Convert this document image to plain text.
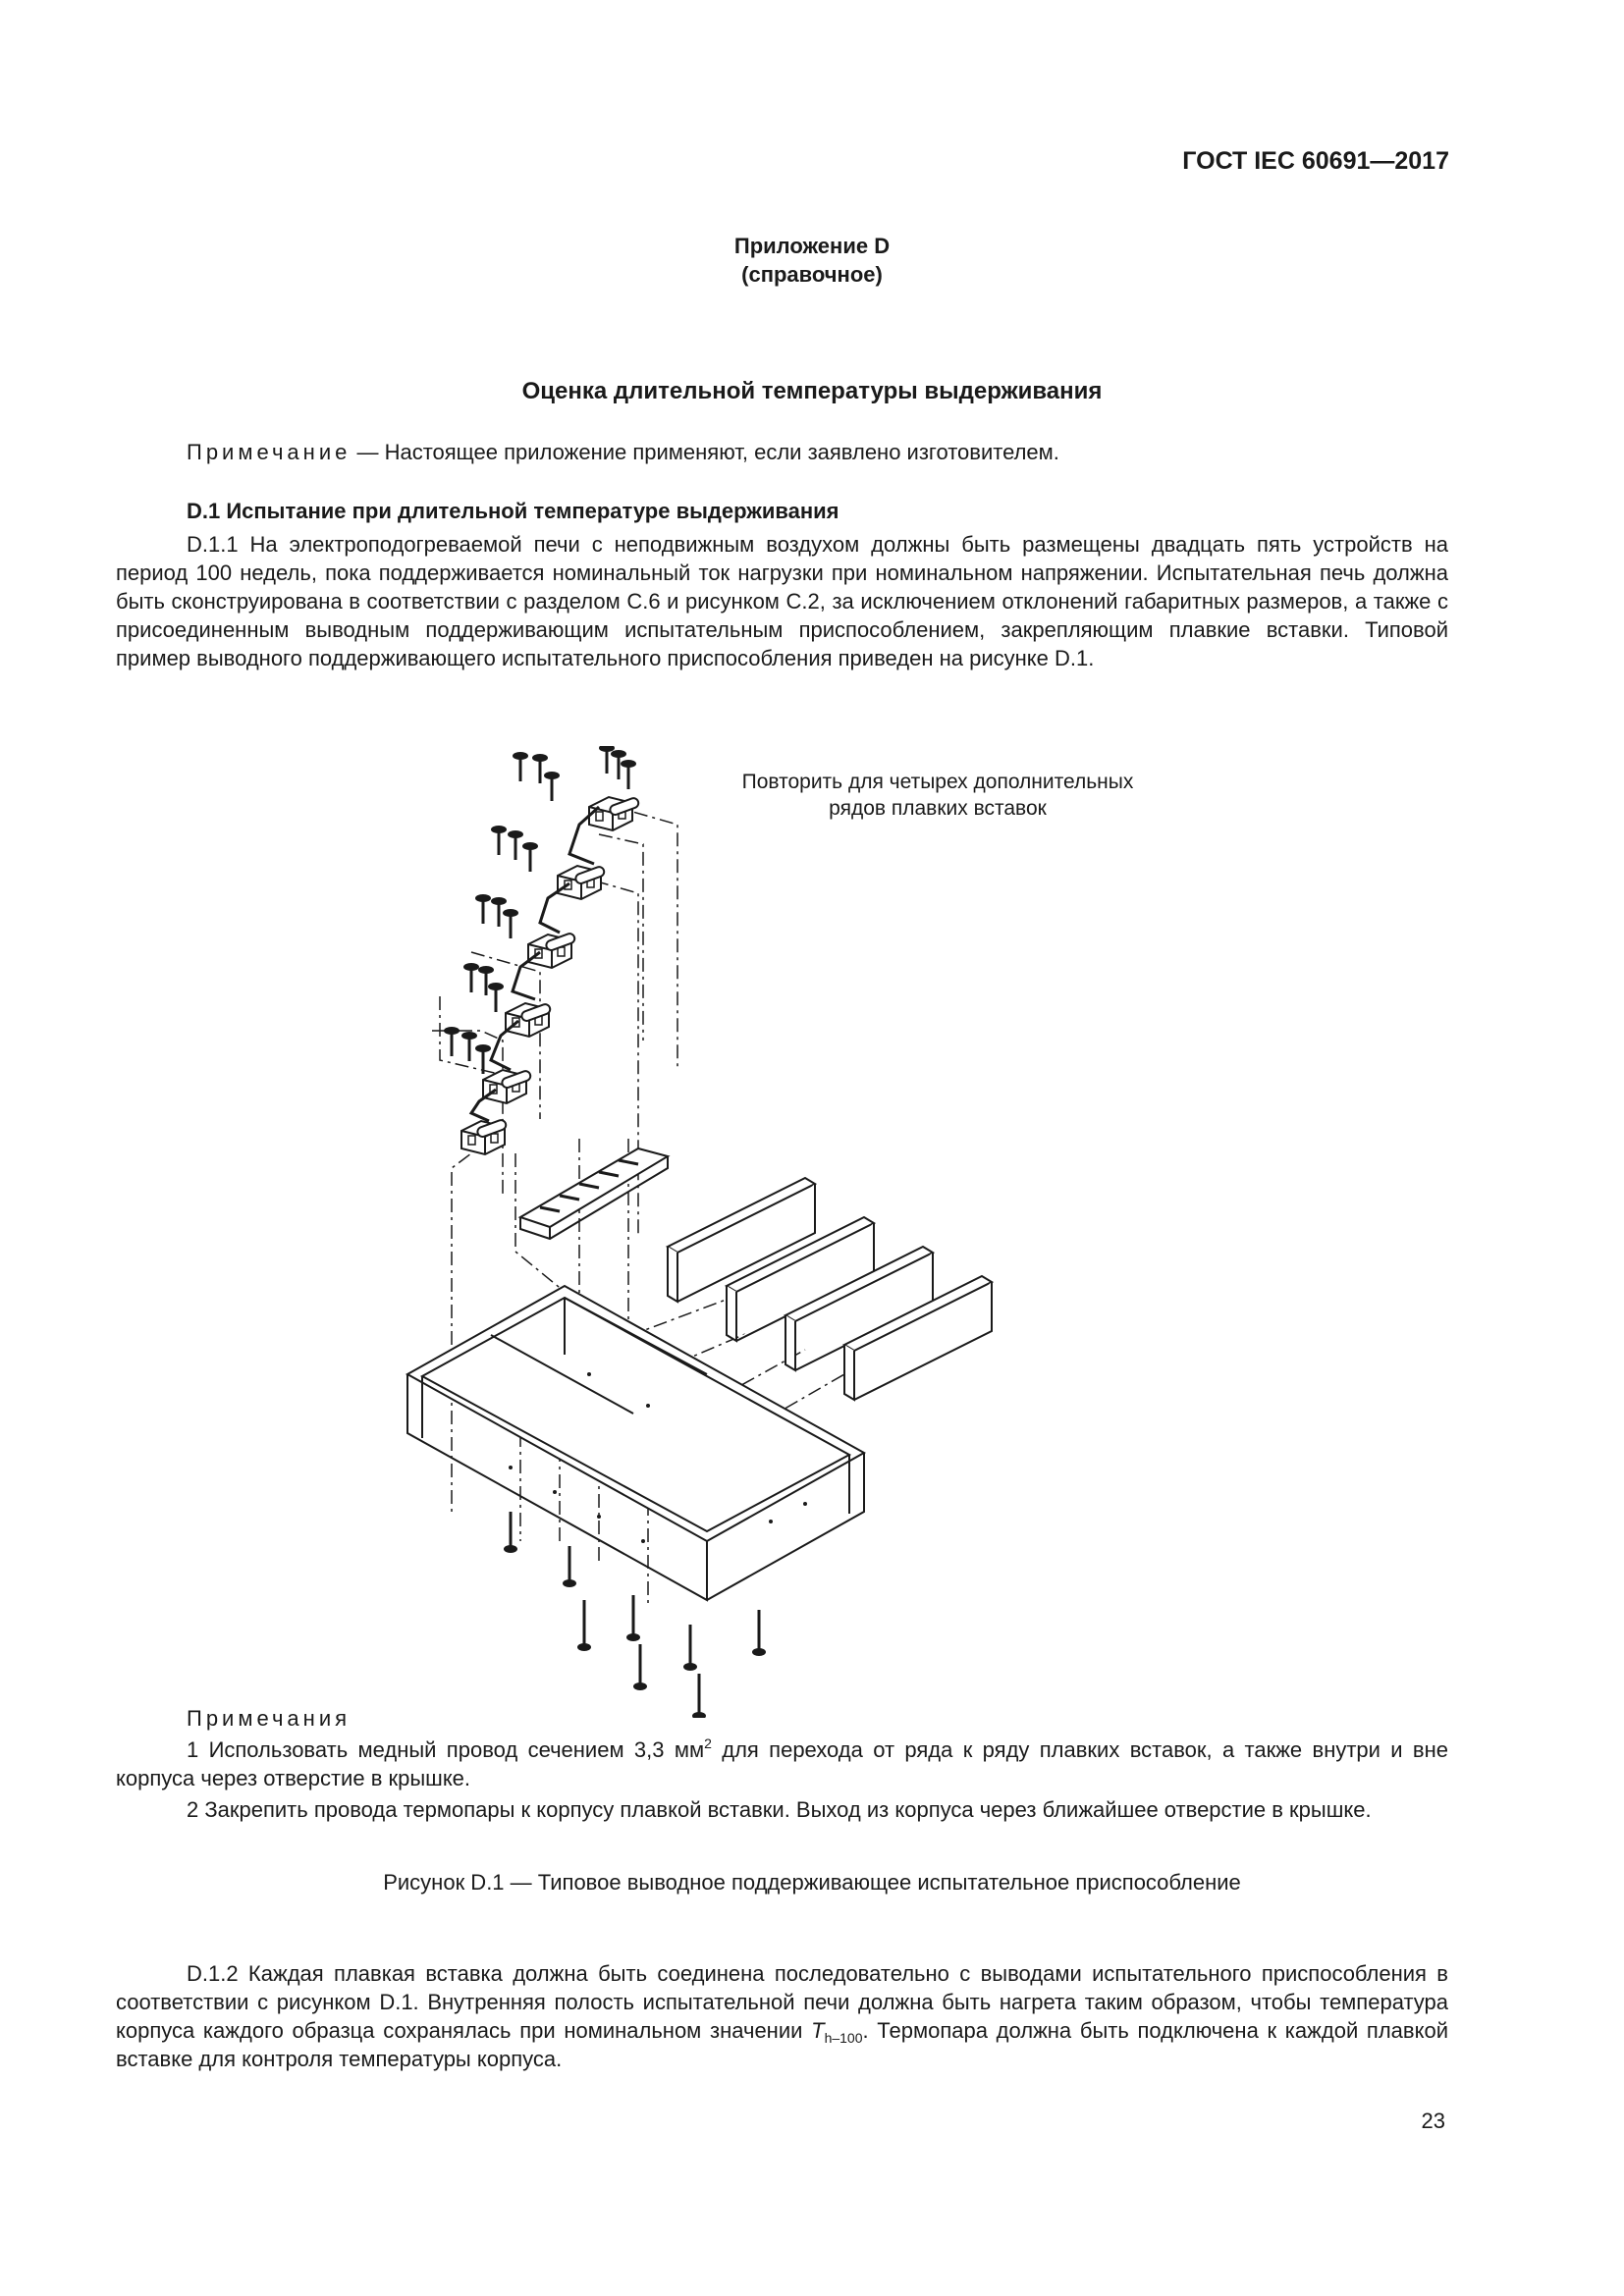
ГОСТ IEC 60691—2017
Приложение D
(справочное)
Оценка длительной температуры выдерживания
Примечание — Настоящее приложение применяют, если заявлено изготовителем.
D.1 Испытание при длительной температуре выдерживания
D.1.1 На электроподогреваемой печи с неподвижным воздухом должны быть размещены двадцать пять устройств на период 100 недель, пока поддерживается номинальный ток нагрузки при номинальном напряжении. Испытательная печь должна быть сконструирована в соответствии с разделом С.6 и рисунком С.2, за исключением отклонений габаритных размеров, а также с присоединенным выводным поддерживающим испытательным приспособлением, закрепляющим плавкие вставки. Типовой пример выводного поддерживающего испытательного приспособления приведен на рисунке D.1.
Повторить для четырех дополнительных
рядов плавких вставок
Примечания
1 Использовать медный провод сечением 3,3 $мм^2$ для перехода от ряда к ряду плавких вставок, а также внутри и вне корпуса через отверстие в крышке.
2 Закрепить провода термопары к корпусу плавкой вставки. Выход из корпуса через ближайшее отверстие в крышке.
Рисунок D.1 — Типовое выводное поддерживающее испытательное приспособление
D.1.2 Каждая плавкая вставка должна быть соединена последовательно с выводами испытательного приспособления в соответствии с рисунком D.1. Внутренняя полость испытательной печи должна быть нагрета таким образом, чтобы температура корпуса каждого образца сохранялась при номинальном значении $T_{h-100}$. Термопара должна быть подключена к каждой плавкой вставке для контроля температуры корпуса.
23
